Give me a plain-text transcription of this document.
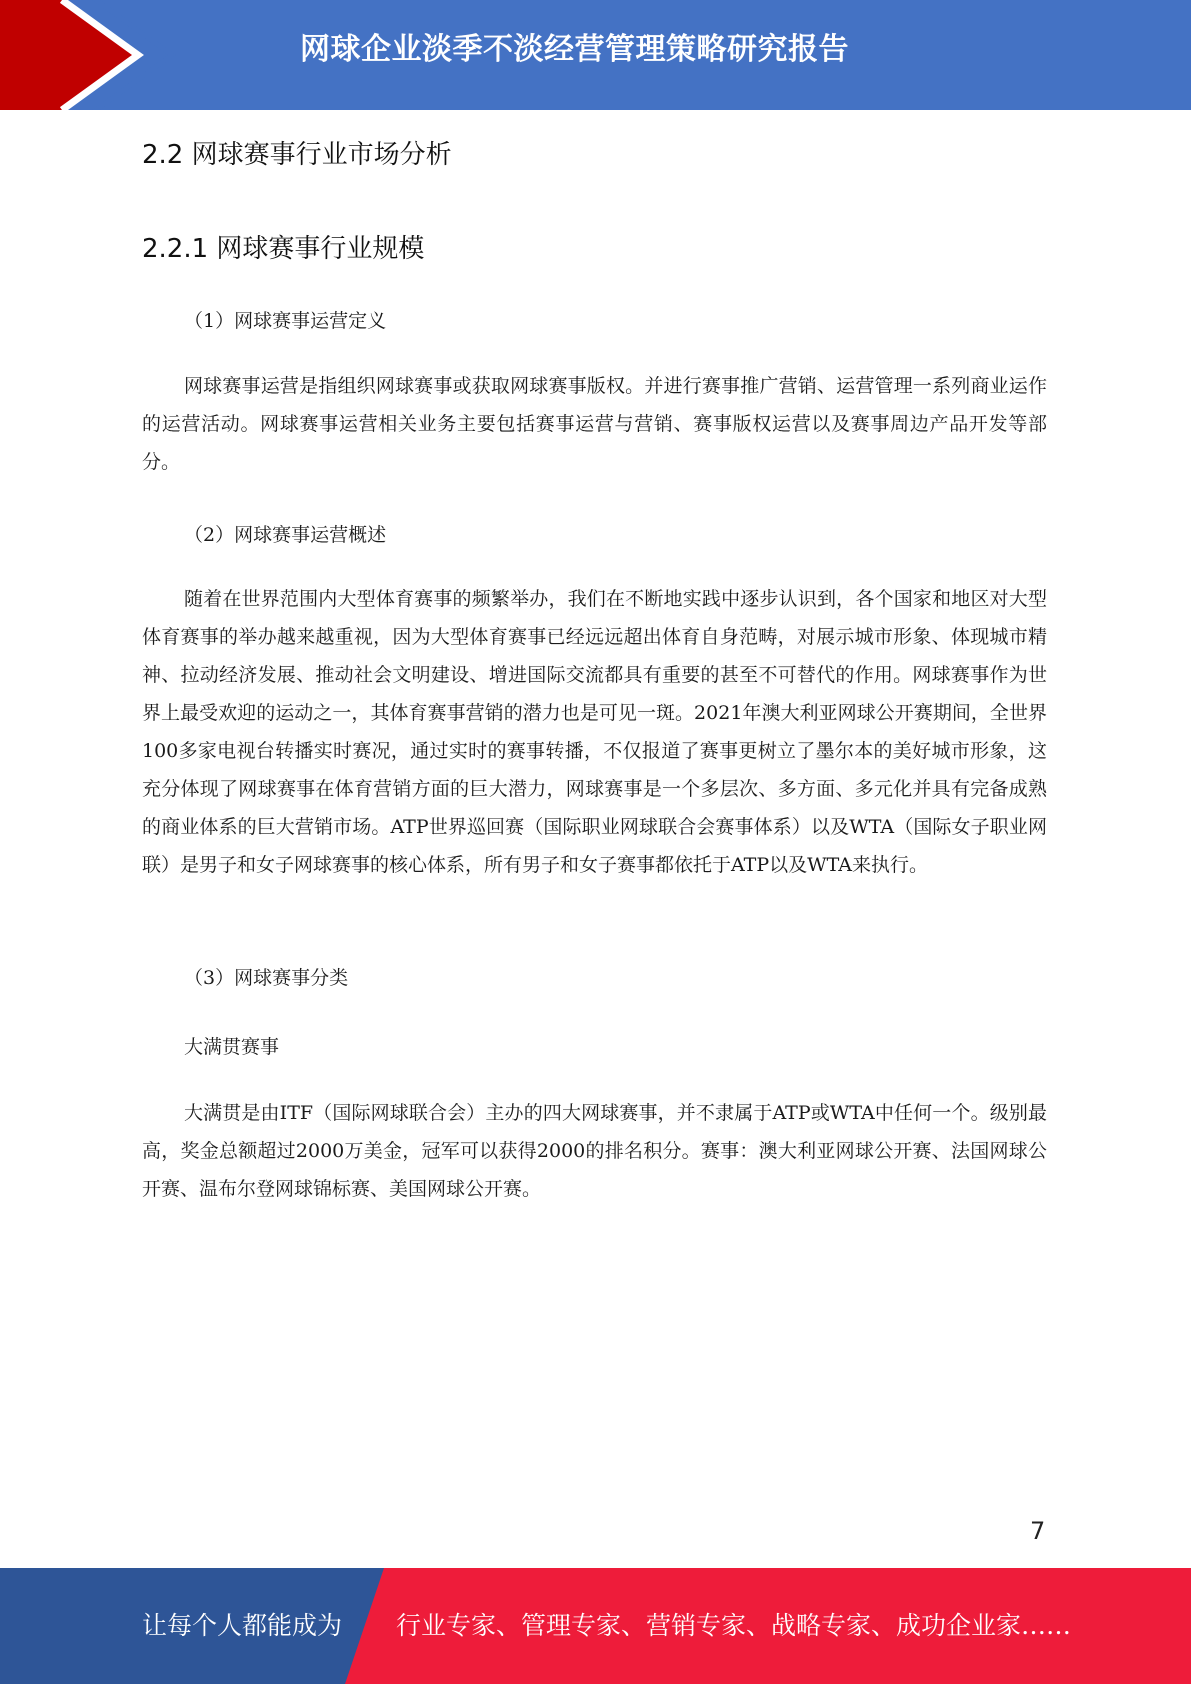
网球企业淡季不淡经营管理策略研究报告
2.2 网球赛事行业市场分析
2.2.1 网球赛事行业规模
（1）网球赛事运营定义
网球赛事运营是指组织网球赛事或获取网球赛事版权。并进行赛事推广营销、运营管理一系列商业运作的运营活动。网球赛事运营相关业务主要包括赛事运营与营销、赛事版权运营以及赛事周边产品开发等部分。
（2）网球赛事运营概述
随着在世界范围内大型体育赛事的频繁举办，我们在不断地实践中逐步认识到，各个国家和地区对大型体育赛事的举办越来越重视，因为大型体育赛事已经远远超出体育自身范畴，对展示城市形象、体现城市精神、拉动经济发展、推动社会文明建设、增进国际交流都具有重要的甚至不可替代的作用。网球赛事作为世界上最受欢迎的运动之一，其体育赛事营销的潜力也是可见一斑。2021年澳大利亚网球公开赛期间，全世界100多家电视台转播实时赛况，通过实时的赛事转播，不仅报道了赛事更树立了墨尔本的美好城市形象，这充分体现了网球赛事在体育营销方面的巨大潜力，网球赛事是一个多层次、多方面、多元化并具有完备成熟的商业体系的巨大营销市场。ATP世界巡回赛（国际职业网球联合会赛事体系）以及WTA（国际女子职业网联）是男子和女子网球赛事的核心体系，所有男子和女子赛事都依托于ATP以及WTA来执行。
（3）网球赛事分类
大满贯赛事
大满贯是由ITF（国际网球联合会）主办的四大网球赛事，并不隶属于ATP或WTA中任何一个。级别最高，奖金总额超过2000万美金，冠军可以获得2000的排名积分。赛事：澳大利亚网球公开赛、法国网球公开赛、温布尔登网球锦标赛、美国网球公开赛。
7
让每个人都能成为 行业专家、管理专家、营销专家、战略专家、成功企业家……
